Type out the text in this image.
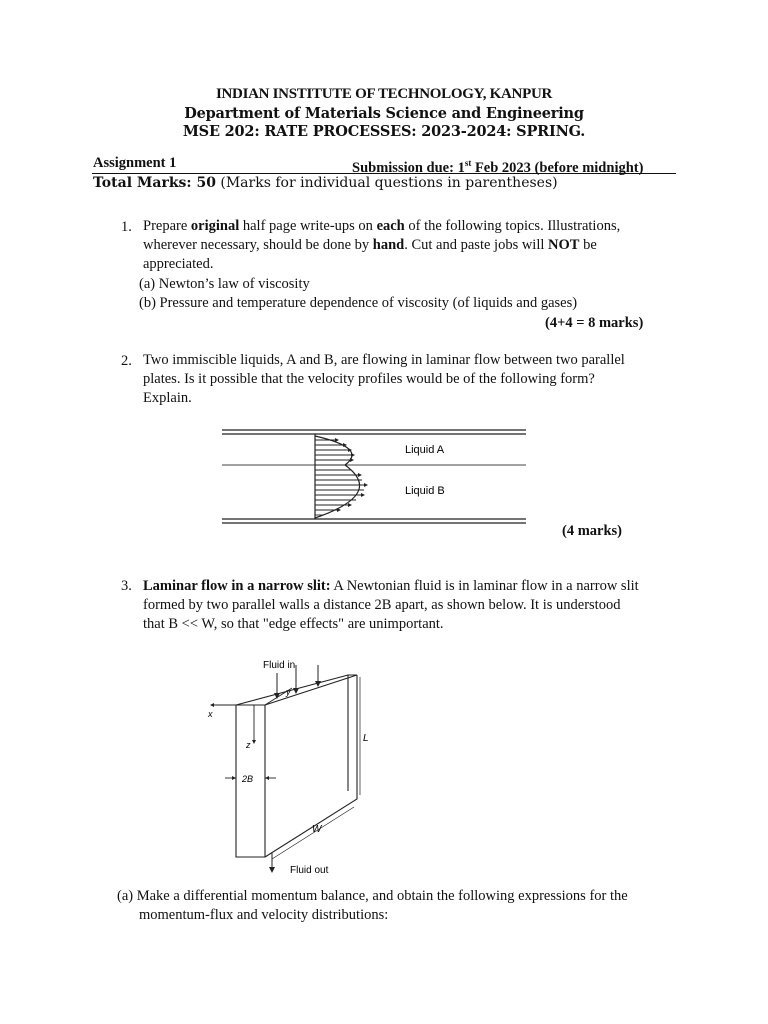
INDIAN INSTITUTE OF TECHNOLOGY, KANPUR
Department of Materials Science and Engineering
MSE 202: RATE PROCESSES: 2023-2024: SPRING.
Assignment 1	Submission due: 1st Feb 2023 (before midnight)
Total Marks: 50 (Marks for individual questions in parentheses)
1. Prepare original half page write-ups on each of the following topics. Illustrations,
wherever necessary, should be done by hand. Cut and paste jobs will NOT be
appreciated.
(a) Newton’s law of viscosity
(b) Pressure and temperature dependence of viscosity (of liquids and gases)
(4+4 = 8 marks)
2. Two immiscible liquids, A and B, are flowing in laminar flow between two parallel
plates. Is it possible that the velocity profiles would be of the following form?
Explain.
Liquid A
Liquid B
(4 marks)
3. Laminar flow in a narrow slit: A Newtonian fluid is in laminar flow in a narrow slit
formed by two parallel walls a distance 2B apart, as shown below. It is understood
that B << W, so that "edge effects" are unimportant.
Fluid in
Fluid out
x
y
z
L
W
2B
(a) Make a differential momentum balance, and obtain the following expressions for the
momentum-flux and velocity distributions:
